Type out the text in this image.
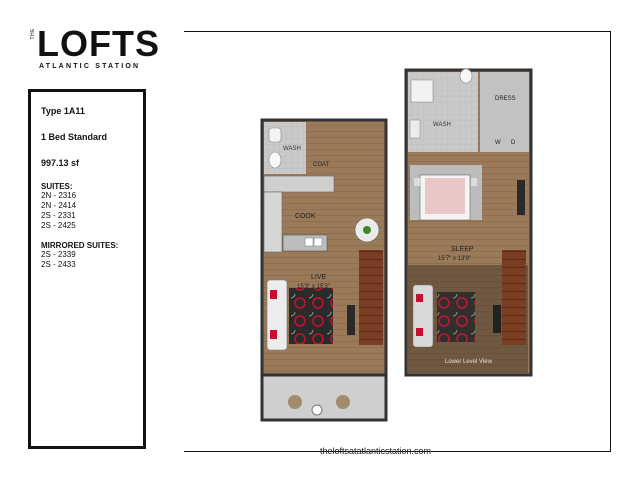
THE LOFTS
ATLANTIC STATION
Type 1A11
1 Bed Standard
997.13 sf
SUITES:
2N - 2316
2N - 2414
2S - 2331
2S - 2425
MIRRORED SUITES:
2S - 2339
2S - 2433
WASH
COAT
COOK
LIVE
15'3" x 15'3"
WASH
DRESS
W D
SLEEP
15'7" x 13'9"
Lower Level View
theloftsatatlanticstation.com
